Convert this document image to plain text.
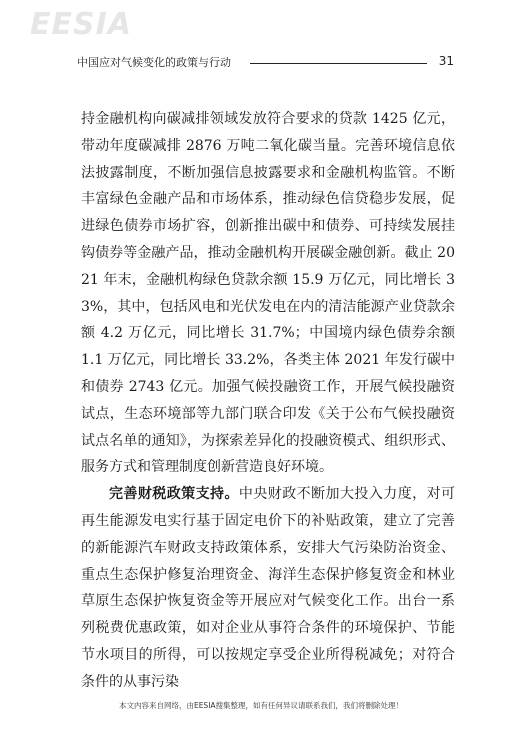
EESIA
中国应对气候变化的政策与行动	31

持金融机构向碳减排领域发放符合要求的贷款 1425 亿元，带动年度碳减排 2876 万吨二氧化碳当量。完善环境信息依法披露制度，不断加强信息披露要求和金融机构监管。不断丰富绿色金融产品和市场体系，推动绿色信贷稳步发展，促进绿色债券市场扩容，创新推出碳中和债券、可持续发展挂钩债券等金融产品，推动金融机构开展碳金融创新。截止 2021 年末，金融机构绿色贷款余额 15.9 万亿元，同比增长 33%，其中，包括风电和光伏发电在内的清洁能源产业贷款余额 4.2 万亿元，同比增长 31.7%；中国境内绿色债券余额 1.1 万亿元，同比增长 33.2%，各类主体 2021 年发行碳中和债券 2743 亿元。加强气候投融资工作，开展气候投融资试点，生态环境部等九部门联合印发《关于公布气候投融资试点名单的通知》，为探索差异化的投融资模式、组织形式、服务方式和管理制度创新营造良好环境。

完善财税政策支持。中央财政不断加大投入力度，对可再生能源发电实行基于固定电价下的补贴政策，建立了完善的新能源汽车财政支持政策体系，安排大气污染防治资金、重点生态保护修复治理资金、海洋生态保护修复资金和林业草原生态保护恢复资金等开展应对气候变化工作。出台一系列税费优惠政策，如对企业从事符合条件的环境保护、节能节水项目的所得，可以按规定享受企业所得税减免；对符合条件的从事污染

本文内容来自网络，由EESIA搜集整理，如有任何异议请联系我们，我们将删除处理！
